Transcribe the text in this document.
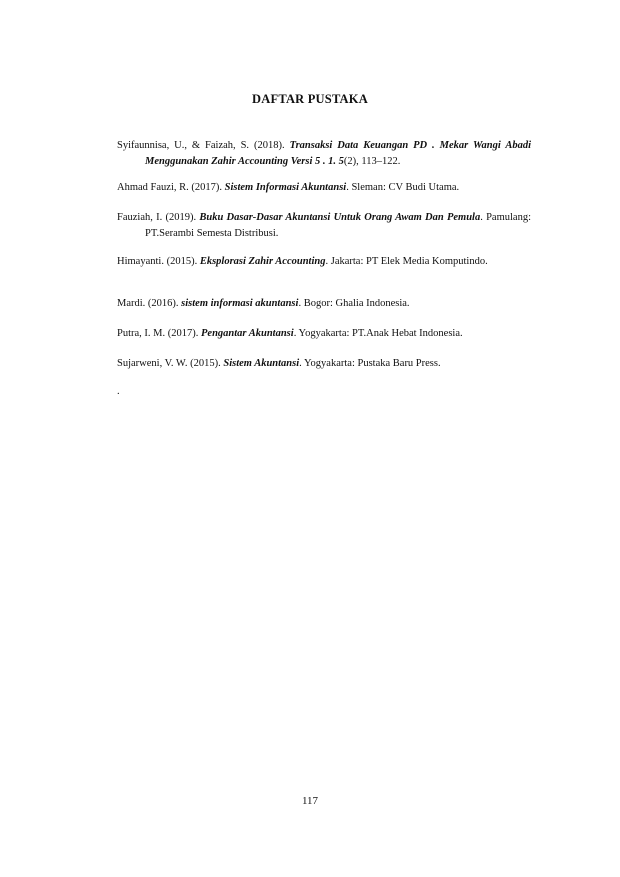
DAFTAR PUSTAKA
Syifaunnisa, U., & Faizah, S. (2018). Transaksi Data Keuangan PD . Mekar Wangi Abadi Menggunakan Zahir Accounting Versi 5 . 1. 5(2), 113–122.
Ahmad Fauzi, R. (2017). Sistem Informasi Akuntansi. Sleman: CV Budi Utama.
Fauziah, I. (2019). Buku Dasar-Dasar Akuntansi Untuk Orang Awam Dan Pemula. Pamulang: PT.Serambi Semesta Distribusi.
Himayanti. (2015). Eksplorasi Zahir Accounting. Jakarta: PT Elek Media Komputindo.
Mardi. (2016). sistem informasi akuntansi. Bogor: Ghalia Indonesia.
Putra, I. M. (2017). Pengantar Akuntansi. Yogyakarta: PT.Anak Hebat Indonesia.
Sujarweni, V. W. (2015). Sistem Akuntansi. Yogyakarta: Pustaka Baru Press.
.
117
